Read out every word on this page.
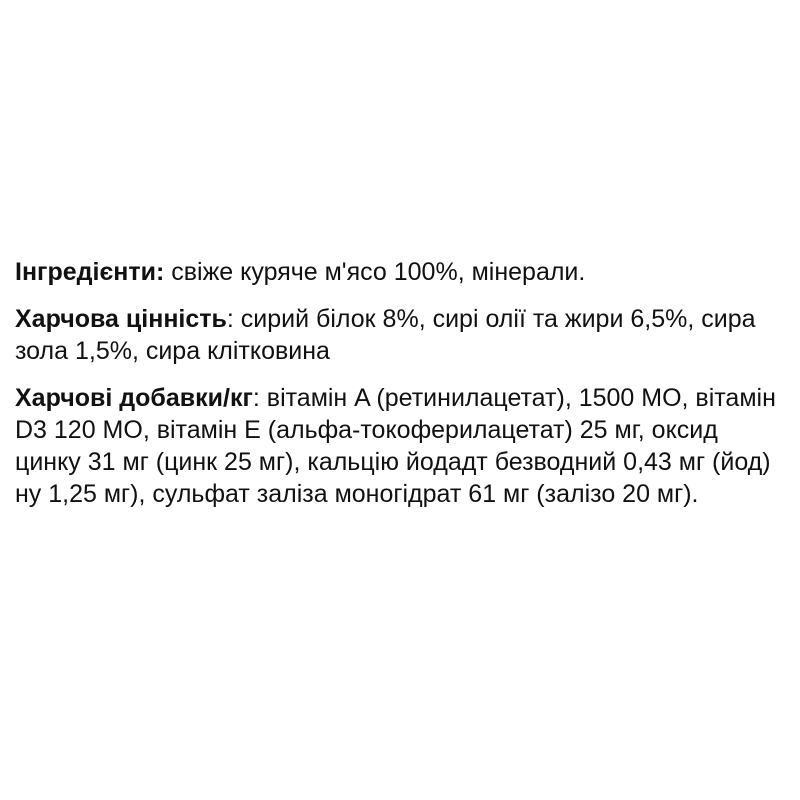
Інгредієнти: свіже куряче м'ясо 100%, мінерали.

Харчова цінність: сирий білок 8%, сирі олії та жири 6,5%, сира зола 1,5%, сира клітковина

Харчові добавки/кг: вітамін A (ретинилацетат), 1500 МО, вітамін D3 120 МО, вітамін E (альфа-токоферилацетат) 25 мг, оксид цинку 31 мг (цинк 25 мг), кальцію йодадт безводний 0,43 мг (йод) ну 1,25 мг), сульфат заліза моногідрат 61 мг (залізо 20 мг).
